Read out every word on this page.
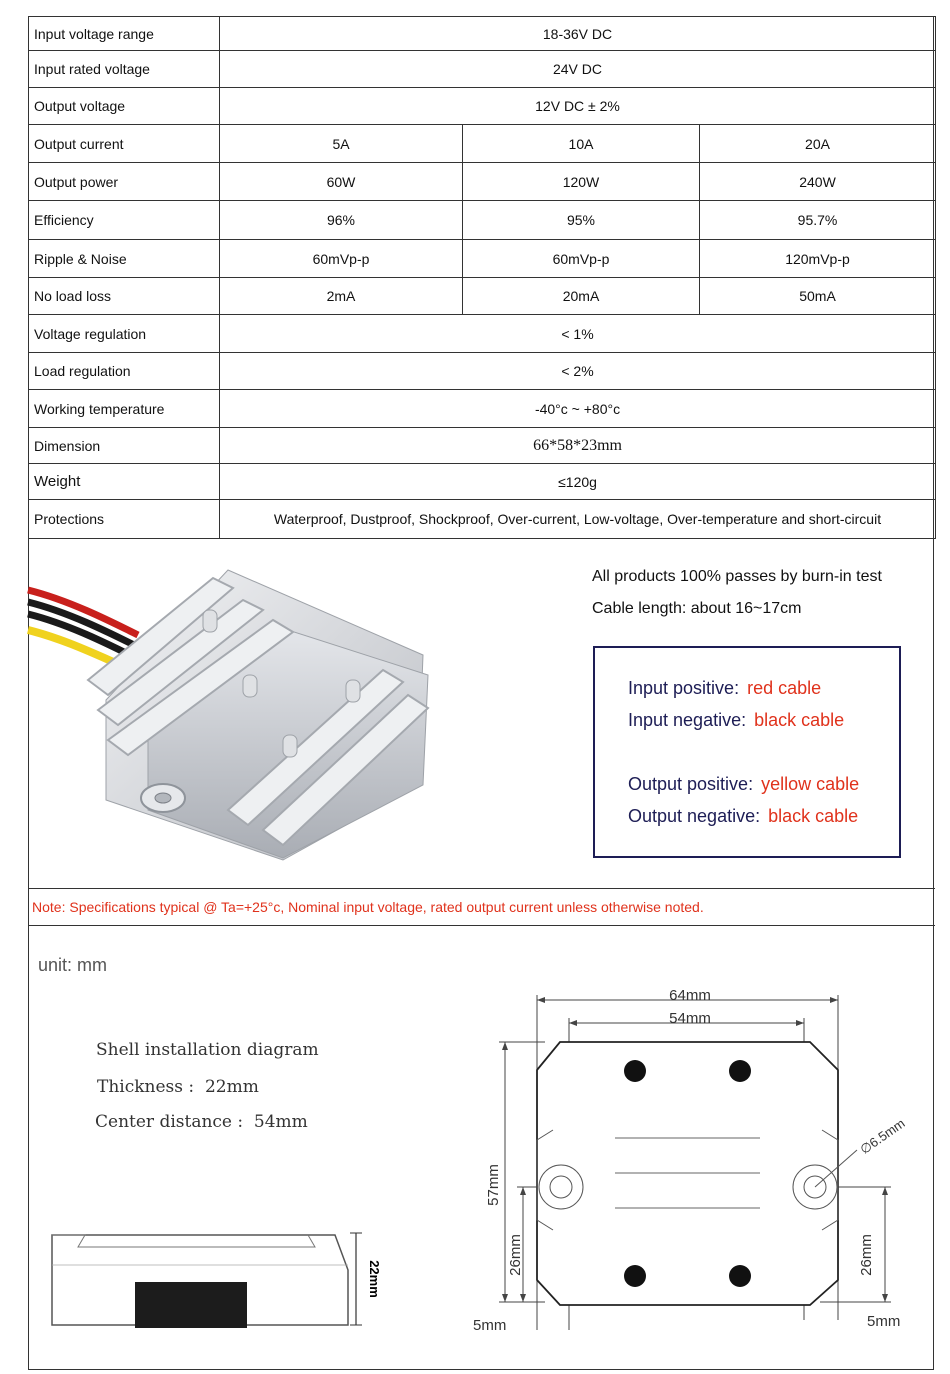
Input voltage range	18-36V DC		
Input rated voltage	24V DC		
Output voltage	12V DC ± 2%		
Output current	5A	10A	20A
Output power	60W	120W	240W
Efficiency	96%	95%	95.7%
Ripple & Noise	60mVp-p	60mVp-p	120mVp-p
No load loss	2mA	20mA	50mA
Voltage regulation	< 1%		
Load regulation	< 2%		
Working temperature	-40°c ~ +80°c		
Dimension	66*58*23mm		
Weight	≤120g		
Protections	Waterproof, Dustproof, Shockproof, Over-current, Low-voltage, Over-temperature and short-circuit		
All products 100% passes by burn-in test
Cable length: about 16~17cm
Input positive: red cable
Input negative: black cable
Output positive: yellow cable
Output negative: black cable
Note: Specifications typical @ Ta=+25°c, Nominal input voltage, rated output current unless otherwise noted.
unit: mm
Shell installation diagram
Thickness :  22mm
Center distance :  54mm
22mm
64mm
54mm
57mm
26mm	26mm
∅6.5mm
5mm	5mm
